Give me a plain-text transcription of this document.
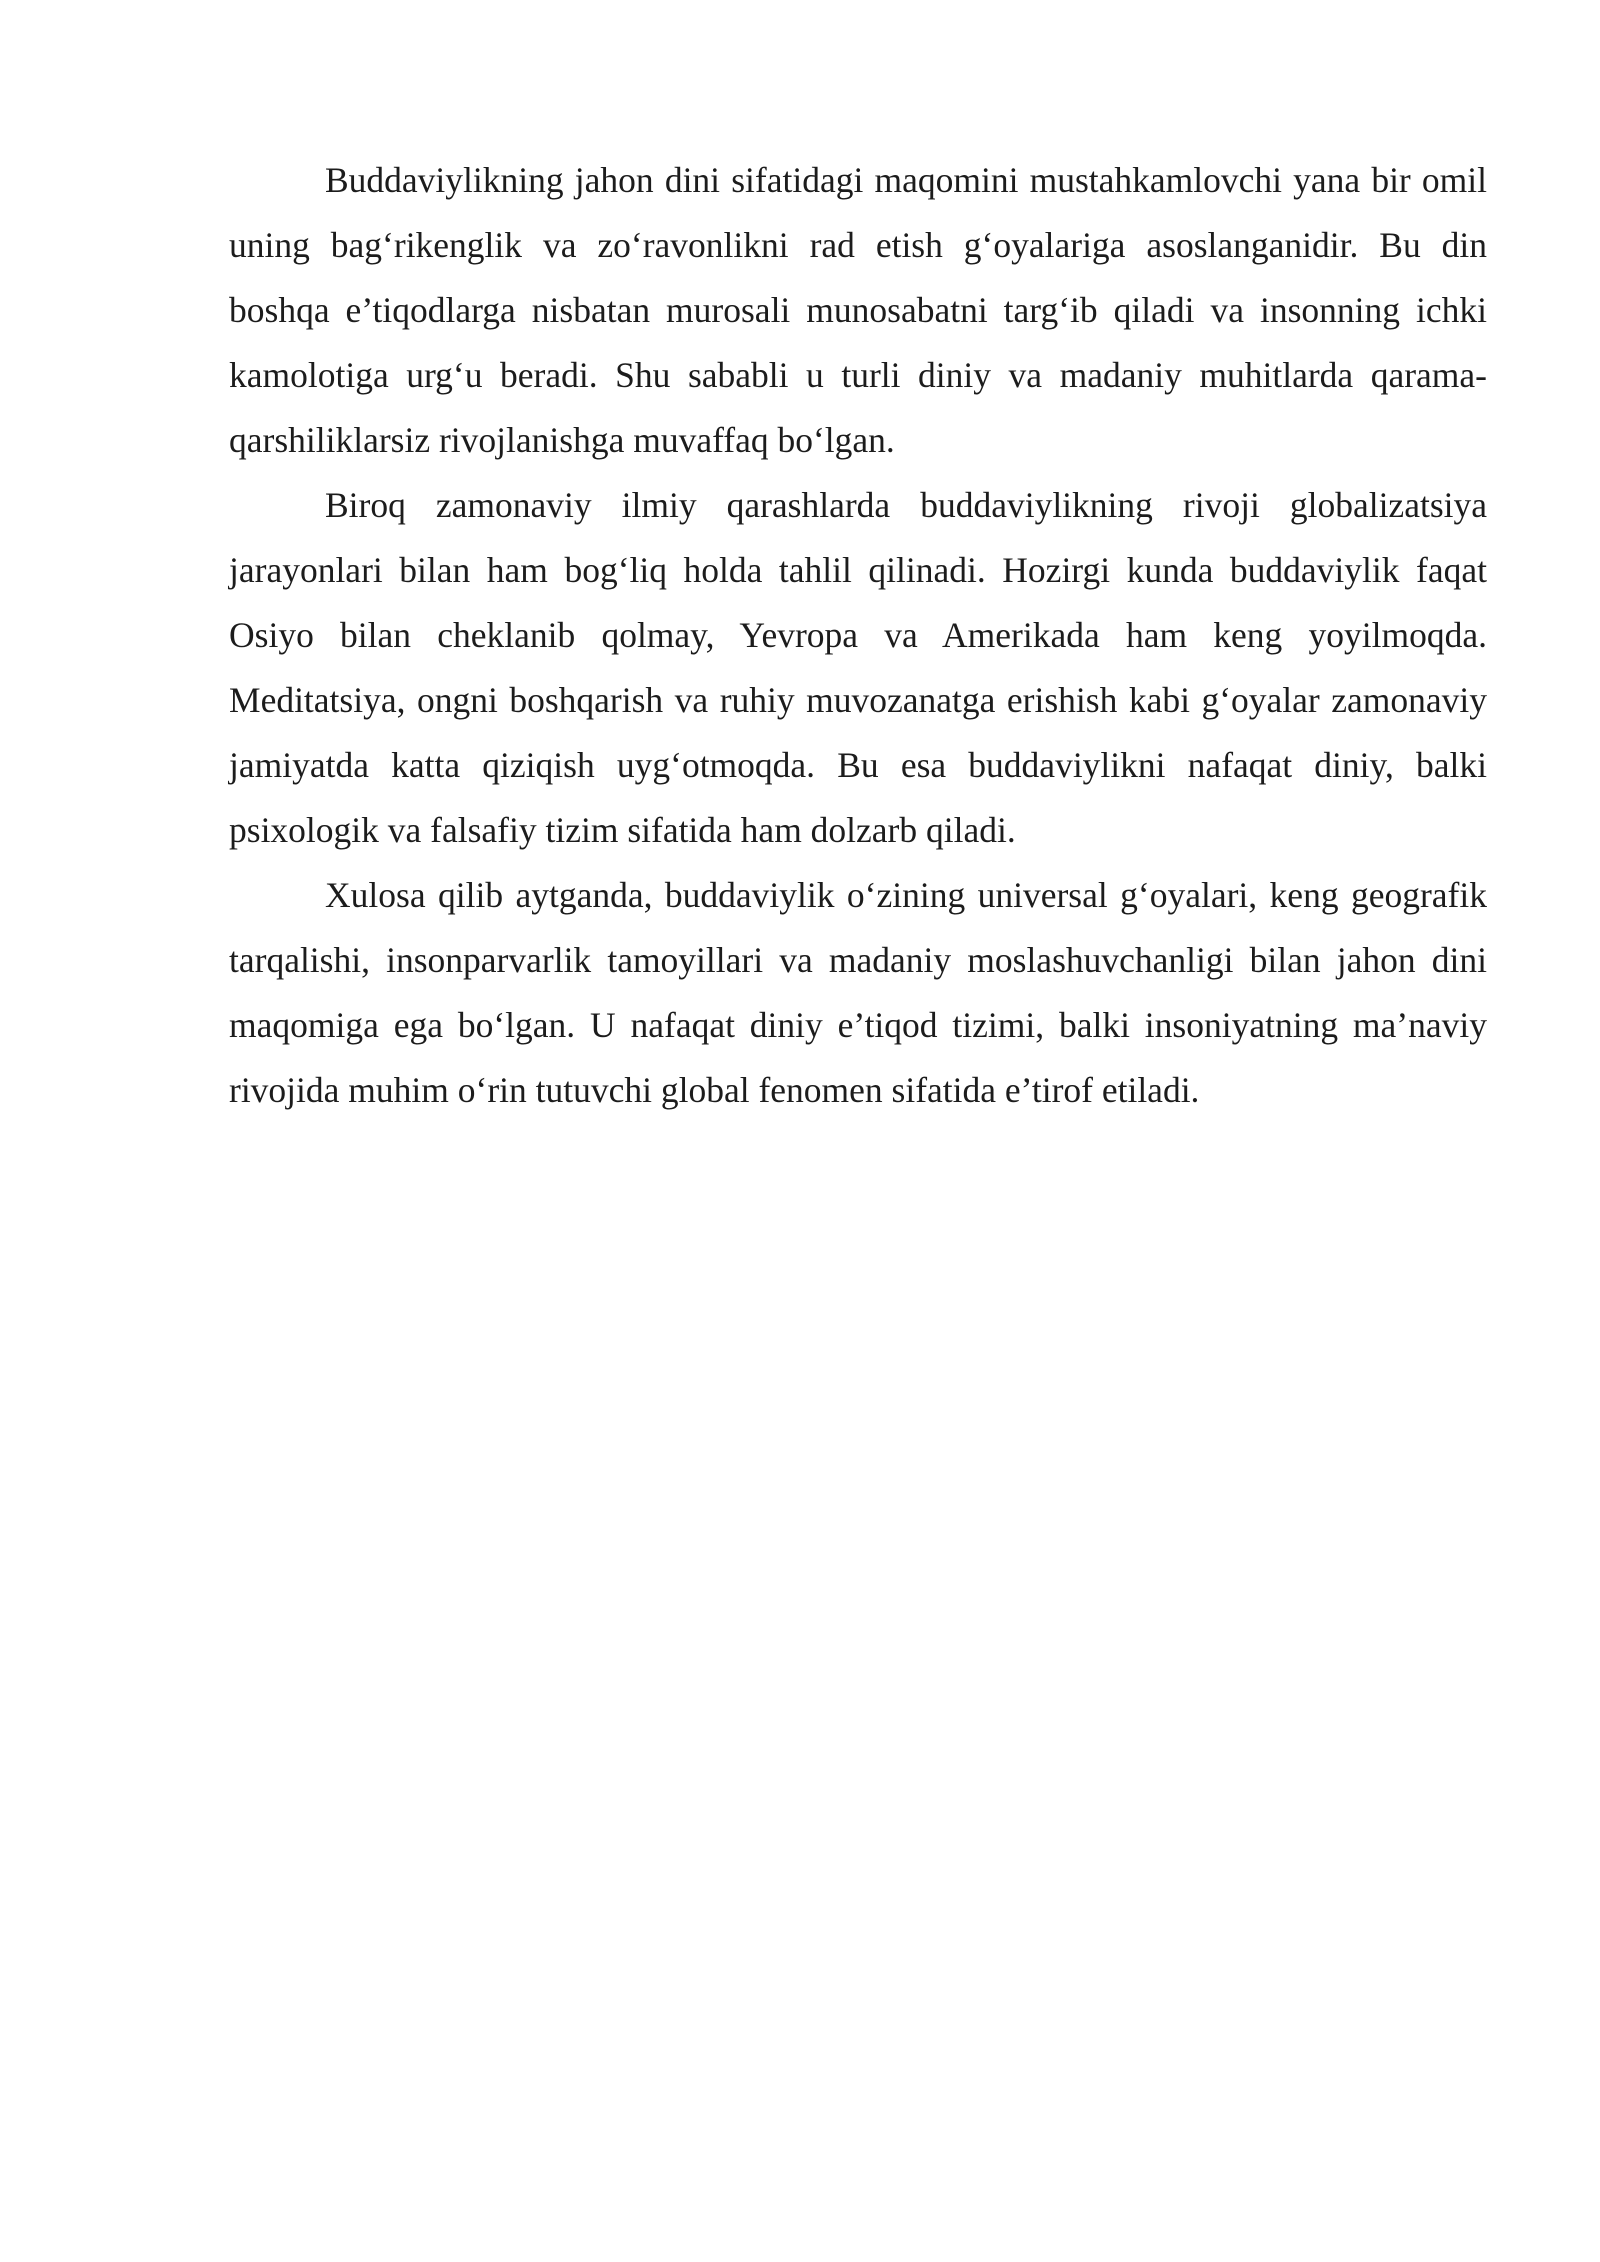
Buddaviylikning jahon dini sifatidagi maqomini mustahkamlovchi yana bir omil uning bag‘rikenglik va zo‘ravonlikni rad etish g‘oyalariga asoslanganidir. Bu din boshqa e’tiqodlarga nisbatan murosali munosabatni targ‘ib qiladi va insonning ichki kamolotiga urg‘u beradi. Shu sababli u turli diniy va madaniy muhitlarda qarama-qarshiliklarsiz rivojlanishga muvaffaq bo‘lgan.

Biroq zamonaviy ilmiy qarashlarda buddaviylikning rivoji globalizatsiya jarayonlari bilan ham bog‘liq holda tahlil qilinadi. Hozirgi kunda buddaviylik faqat Osiyo bilan cheklanib qolmay, Yevropa va Amerikada ham keng yoyilmoqda. Meditatsiya, ongni boshqarish va ruhiy muvozanatga erishish kabi g‘oyalar zamonaviy jamiyatda katta qiziqish uyg‘otmoqda. Bu esa buddaviylikni nafaqat diniy, balki psixologik va falsafiy tizim sifatida ham dolzarb qiladi.

Xulosa qilib aytganda, buddaviylik o‘zining universal g‘oyalari, keng geografik tarqalishi, insonparvarlik tamoyillari va madaniy moslashuvchanligi bilan jahon dini maqomiga ega bo‘lgan. U nafaqat diniy e’tiqod tizimi, balki insoniyatning ma’naviy rivojida muhim o‘rin tutuvchi global fenomen sifatida e’tirof etiladi.
